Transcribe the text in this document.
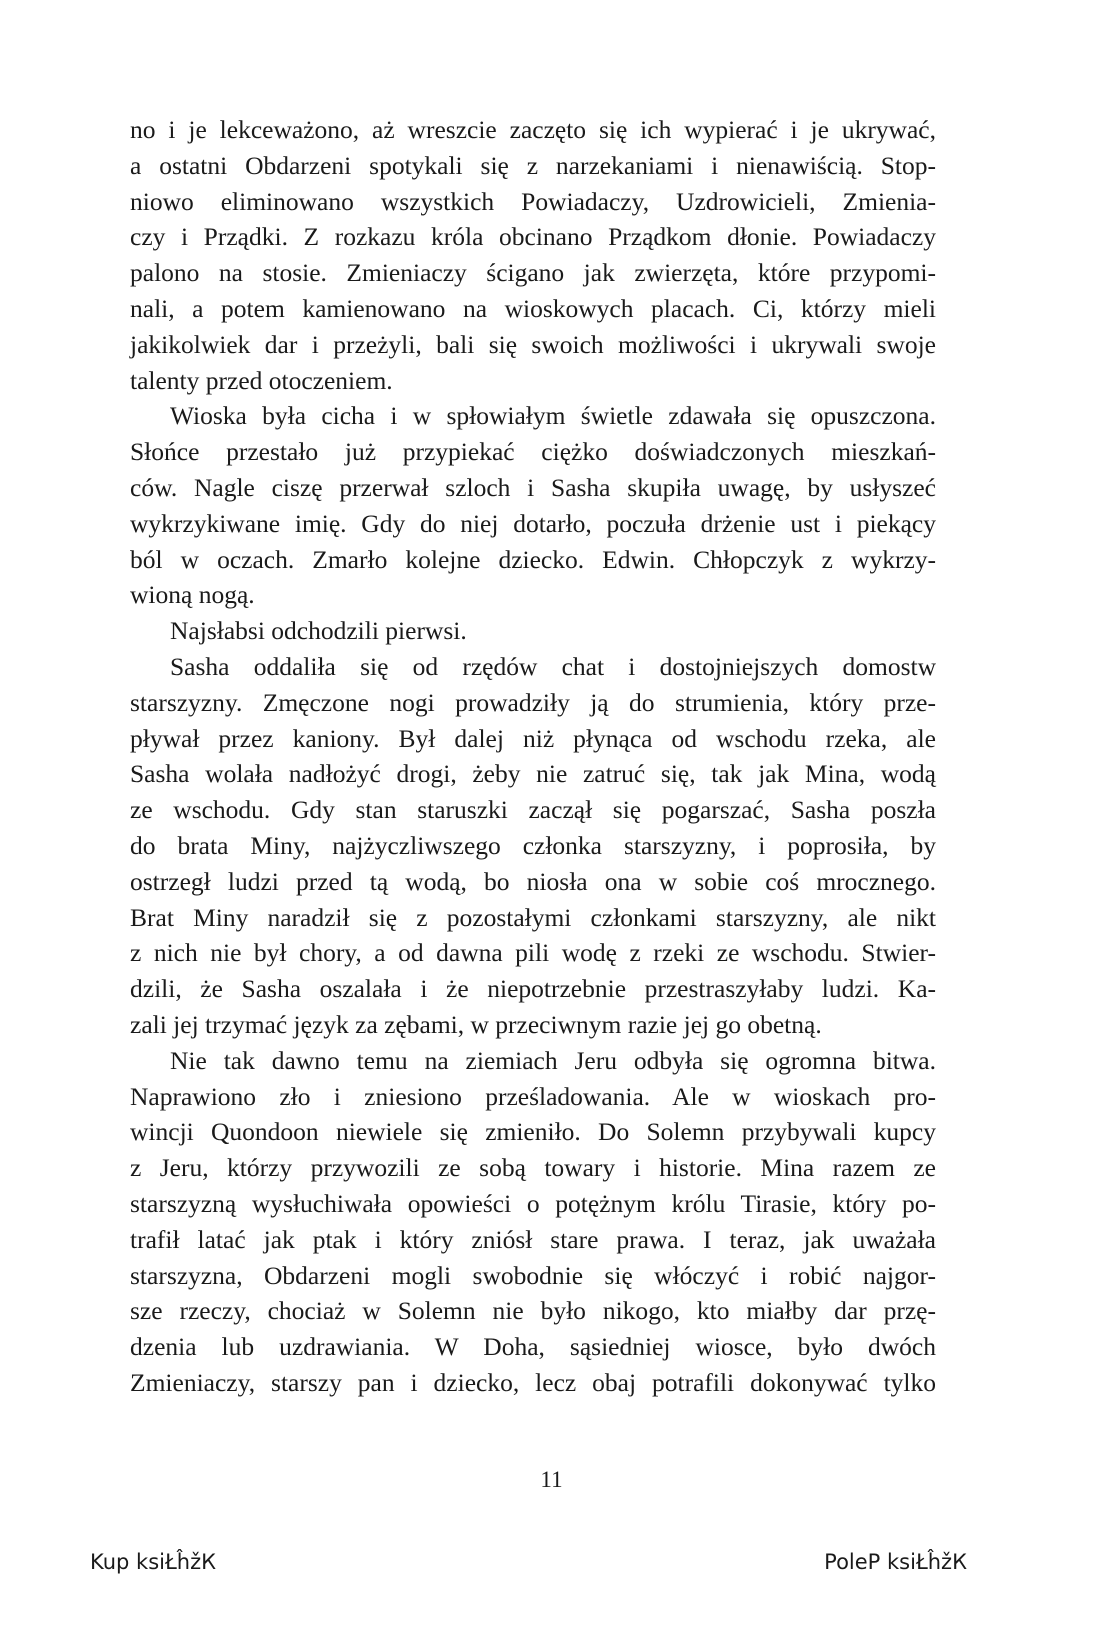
no i je lekceważono, aż wreszcie zaczęto się ich wypierać i je ukrywać,
a ostatni Obdarzeni spotykali się z narzekaniami i nienawiścią. Stop-
niowo eliminowano wszystkich Powiadaczy, Uzdrowicieli, Zmienia-
czy i Prządki. Z rozkazu króla obcinano Prządkom dłonie. Powiadaczy
palono na stosie. Zmieniaczy ścigano jak zwierzęta, które przypomi-
nali, a potem kamienowano na wioskowych placach. Ci, którzy mieli
jakikolwiek dar i przeżyli, bali się swoich możliwości i ukrywali swoje
talenty przed otoczeniem.
Wioska była cicha i w spłowiałym świetle zdawała się opuszczona.
Słońce przestało już przypiekać ciężko doświadczonych mieszkań-
ców. Nagle ciszę przerwał szloch i Sasha skupiła uwagę, by usłyszeć
wykrzykiwane imię. Gdy do niej dotarło, poczuła drżenie ust i piekący
ból w oczach. Zmarło kolejne dziecko. Edwin. Chłopczyk z wykrzy-
wioną nogą.
Najsłabsi odchodzili pierwsi.
Sasha oddaliła się od rzędów chat i dostojniejszych domostw
starszyzny. Zmęczone nogi prowadziły ją do strumienia, który prze-
pływał przez kaniony. Był dalej niż płynąca od wschodu rzeka, ale
Sasha wolała nadłożyć drogi, żeby nie zatruć się, tak jak Mina, wodą
ze wschodu. Gdy stan staruszki zaczął się pogarszać, Sasha poszła
do brata Miny, najżyczliwszego członka starszyzny, i poprosiła, by
ostrzegł ludzi przed tą wodą, bo niosła ona w sobie coś mrocznego.
Brat Miny naradził się z pozostałymi członkami starszyzny, ale nikt
z nich nie był chory, a od dawna pili wodę z rzeki ze wschodu. Stwier-
dzili, że Sasha oszalała i że niepotrzebnie przestraszyłaby ludzi. Ka-
zali jej trzymać język za zębami, w przeciwnym razie jej go obetną.
Nie tak dawno temu na ziemiach Jeru odbyła się ogromna bitwa.
Naprawiono zło i zniesiono prześladowania. Ale w wioskach pro-
wincji Quondoon niewiele się zmieniło. Do Solemn przybywali kupcy
z Jeru, którzy przywozili ze sobą towary i historie. Mina razem ze
starszyzną wysłuchiwała opowieści o potężnym królu Tirasie, który po-
trafił latać jak ptak i który zniósł stare prawa. I teraz, jak uważała
starszyzna, Obdarzeni mogli swobodnie się włóczyć i robić najgor-
sze rzeczy, chociaż w Solemn nie było nikogo, kto miałby dar przę-
dzenia lub uzdrawiania. W Doha, sąsiedniej wiosce, było dwóch
Zmieniaczy, starszy pan i dziecko, lecz obaj potrafili dokonywać tylko
11
Kup ksiŁĥžК	PoleP ksiŁĥžК
